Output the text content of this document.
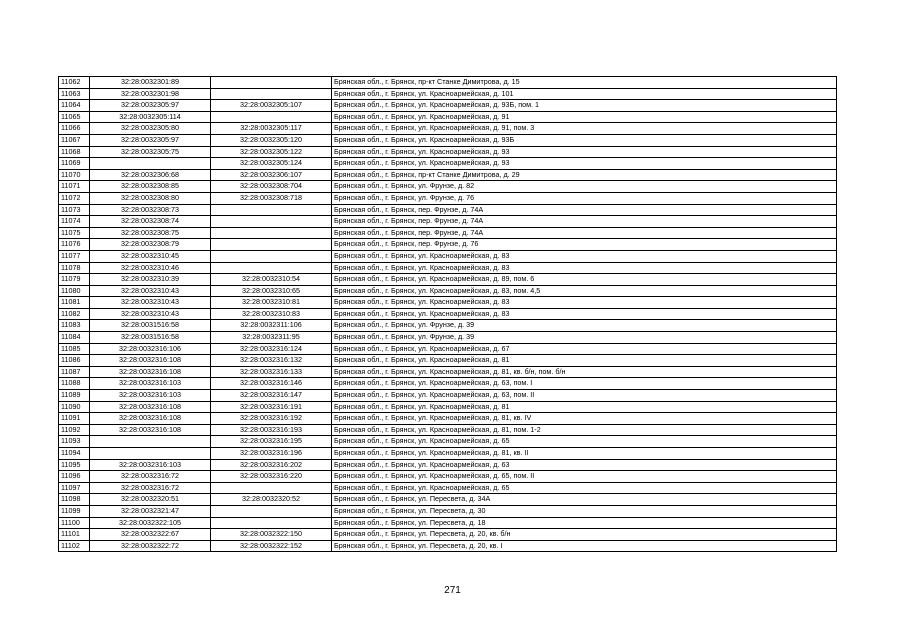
11062	32:28:0032301:89		Брянская обл., г. Брянск, пр-кт Станке Димитрова, д. 15
11063	32:28:0032301:98		Брянская обл., г. Брянск, ул. Красноармейская, д. 101
11064	32:28:0032305:97	32:28:0032305:107	Брянская обл., г. Брянск, ул. Красноармейская, д. 93Б, пом. 1
11065	32:28:0032305:114		Брянская обл., г. Брянск, ул. Красноармейская, д. 91
11066	32:28:0032305:80	32:28:0032305:117	Брянская обл., г. Брянск, ул. Красноармейская, д. 91, пом. 3
11067	32:28:0032305:97	32:28:0032305:120	Брянская обл., г. Брянск, ул. Красноармейская, д. 93Б
11068	32:28:0032305:75	32:28:0032305:122	Брянская обл., г. Брянск, ул. Красноармейская, д. 93
11069		32:28:0032305:124	Брянская обл., г. Брянск, ул. Красноармейская, д. 93
11070	32:28:0032306:68	32:28:0032306:107	Брянская обл., г. Брянск, пр-кт Станке Димитрова, д. 29
11071	32:28:0032308:85	32:28:0032308:704	Брянская обл., г. Брянск, ул. Фрунзе, д. 82
11072	32:28:0032308:80	32:28:0032308:718	Брянская обл., г. Брянск, ул. Фрунзе, д. 76
11073	32:28:0032308:73		Брянская обл., г. Брянск, пер. Фрунзе, д. 74А
11074	32:28:0032308:74		Брянская обл., г. Брянск, пер. Фрунзе, д. 74А
11075	32:28:0032308:75		Брянская обл., г. Брянск, пер. Фрунзе, д. 74А
11076	32:28:0032308:79		Брянская обл., г. Брянск, пер. Фрунзе, д. 76
11077	32:28:0032310:45		Брянская обл., г. Брянск, ул. Красноармейская, д. 83
11078	32:28:0032310:46		Брянская обл., г. Брянск, ул. Красноармейская, д. 83
11079	32:28:0032310:39	32:28:0032310:54	Брянская обл., г. Брянск, ул. Красноармейская, д. 89, пом. 6
11080	32:28:0032310:43	32:28:0032310:65	Брянская обл., г. Брянск, ул. Красноармейская, д. 83, пом. 4,5
11081	32:28:0032310:43	32:28:0032310:81	Брянская обл., г. Брянск, ул. Красноармейская, д. 83
11082	32:28:0032310:43	32:28:0032310:83	Брянская обл., г. Брянск, ул. Красноармейская, д. 83
11083	32:28:0031516:58	32:28:0032311:106	Брянская обл., г. Брянск, ул. Фрунзе, д. 39
11084	32:28:0031516:58	32:28:0032311:95	Брянская обл., г. Брянск, ул. Фрунзе, д. 39
11085	32:28:0032316:106	32:28:0032316:124	Брянская обл., г. Брянск, ул. Красноармейская, д. 67
11086	32:28:0032316:108	32:28:0032316:132	Брянская обл., г. Брянск, ул. Красноармейская, д. 81
11087	32:28:0032316:108	32:28:0032316:133	Брянская обл., г. Брянск, ул. Красноармейская, д. 81, кв. б/н, пом. б/н
11088	32:28:0032316:103	32:28:0032316:146	Брянская обл., г. Брянск, ул. Красноармейская, д. 63, пом. I
11089	32:28:0032316:103	32:28:0032316:147	Брянская обл., г. Брянск, ул. Красноармейская, д. 63, пом. II
11090	32:28:0032316:108	32:28:0032316:191	Брянская обл., г. Брянск, ул. Красноармейская, д. 81
11091	32:28:0032316:108	32:28:0032316:192	Брянская обл., г. Брянск, ул. Красноармейская, д. 81, кв. IV
11092	32:28:0032316:108	32:28:0032316:193	Брянская обл., г. Брянск, ул. Красноармейская, д. 81, пом. 1-2
11093		32:28:0032316:195	Брянская обл., г. Брянск, ул. Красноармейская, д. 65
11094		32:28:0032316:196	Брянская обл., г. Брянск, ул. Красноармейская, д. 81, кв. II
11095	32:28:0032316:103	32:28:0032316:202	Брянская обл., г. Брянск, ул. Красноармейская, д. 63
11096	32:28:0032316:72	32:28:0032316:220	Брянская обл., г. Брянск, ул. Красноармейская, д. 65, пом. II
11097	32:28:0032316:72		Брянская обл., г. Брянск, ул. Красноармейская, д. 65
11098	32:28:0032320:51	32:28:0032320:52	Брянская обл., г. Брянск, ул. Пересвета, д. 34А
11099	32:28:0032321:47		Брянская обл., г. Брянск, ул. Пересвета, д. 30
11100	32:28:0032322:105		Брянская обл., г. Брянск, ул. Пересвета, д. 18
11101	32:28:0032322:67	32:28:0032322:150	Брянская обл., г. Брянск, ул. Пересвета, д. 20, кв. б/н
11102	32:28:0032322:72	32:28:0032322:152	Брянская обл., г. Брянск, ул. Пересвета, д. 20, кв. I
271
